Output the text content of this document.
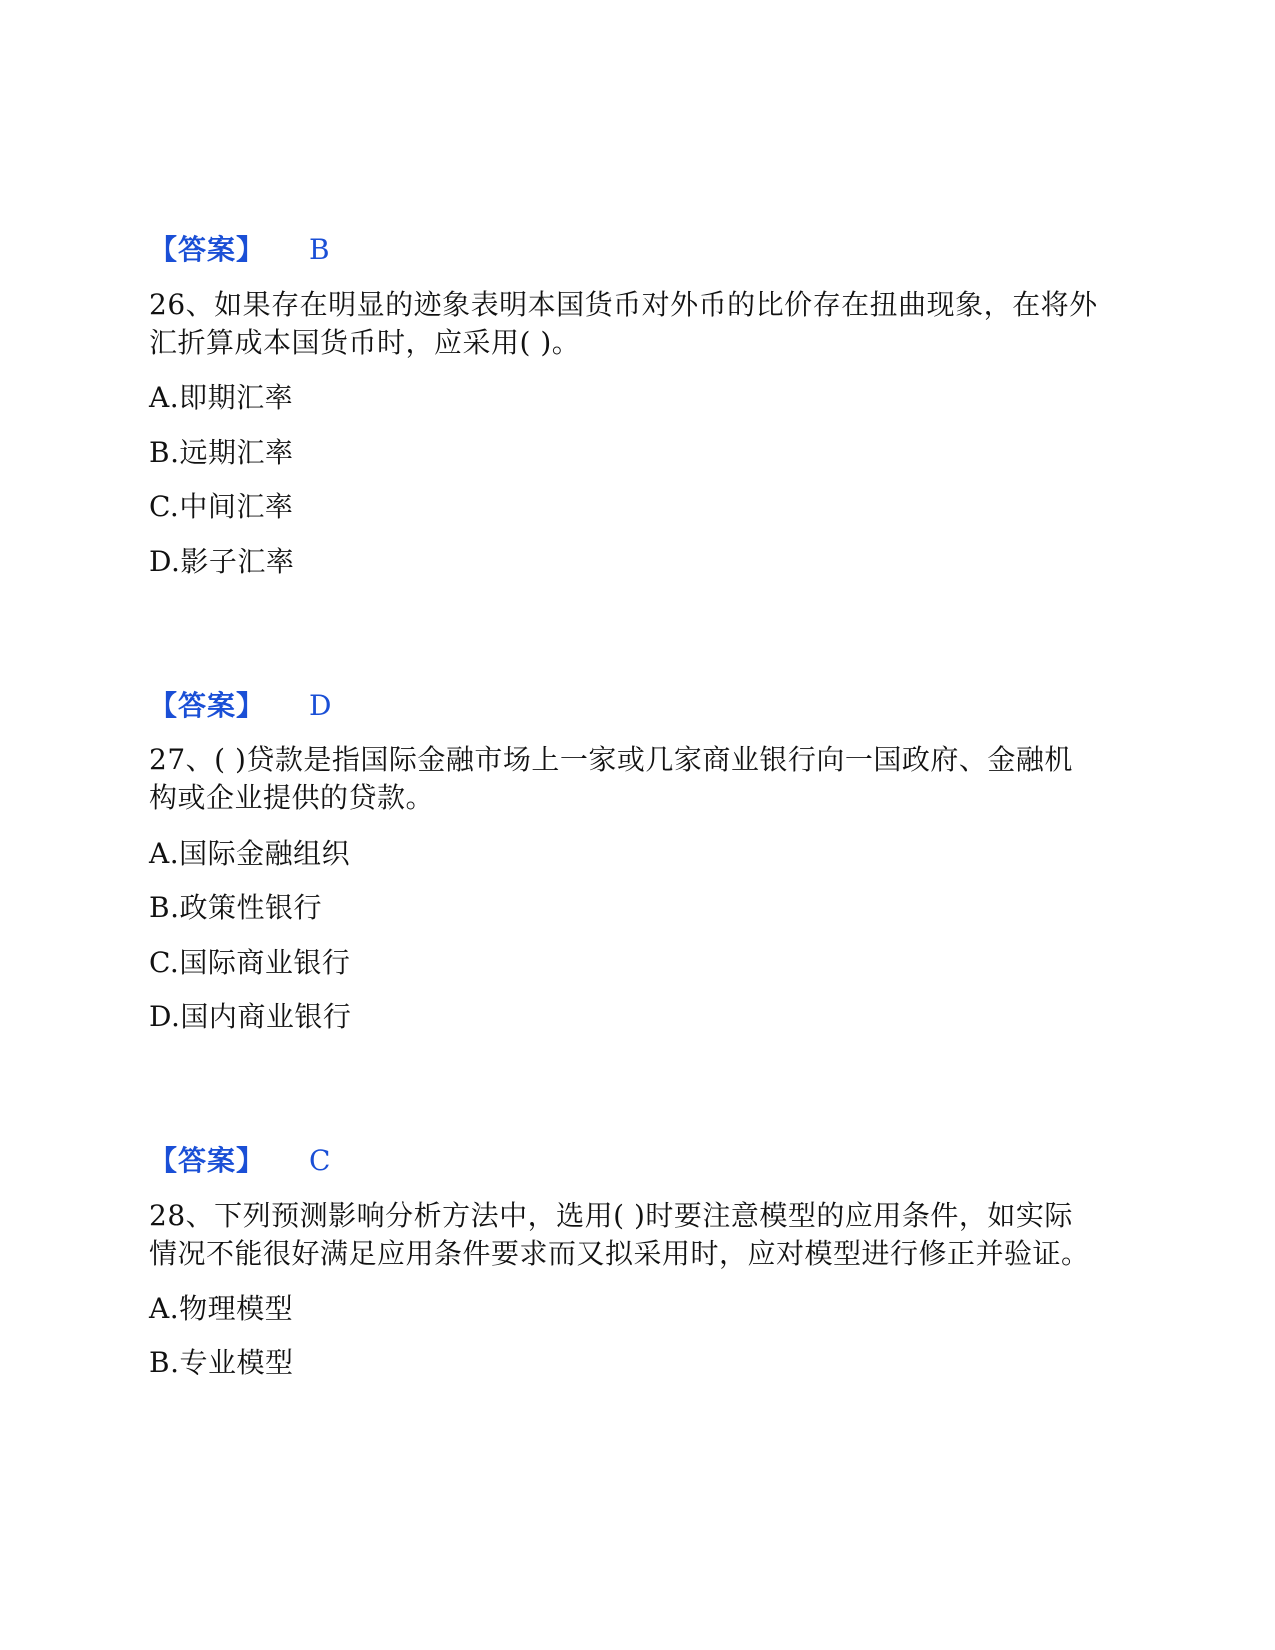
【答案】 B
26、如果存在明显的迹象表明本国货币对外币的比价存在扭曲现象，在将外
汇折算成本国货币时，应采用( )。
A.即期汇率
B.远期汇率
C.中间汇率
D.影子汇率
【答案】 D
27、( )贷款是指国际金融市场上一家或几家商业银行向一国政府、金融机
构或企业提供的贷款。
A.国际金融组织
B.政策性银行
C.国际商业银行
D.国内商业银行
【答案】 C
28、下列预测影响分析方法中，选用( )时要注意模型的应用条件，如实际
情况不能很好满足应用条件要求而又拟采用时，应对模型进行修正并验证。
A.物理模型
B.专业模型
